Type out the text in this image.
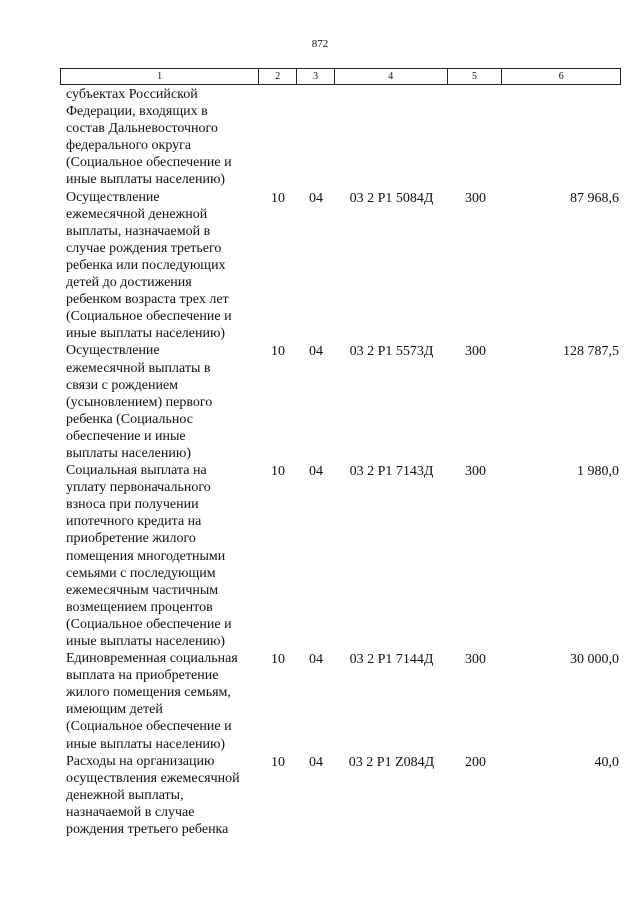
872
1	2	3	4	5	6
субъектах Российской
Федерации, входящих в
состав Дальневосточного
федерального округа
(Социальное обеспечение и
иные выплаты населению)
Осуществление
ежемесячной денежной
выплаты, назначаемой в
случае рождения третьего
ребенка или последующих
детей до достижения
ребенком возраста трех лет
(Социальное обеспечение и
иные выплаты населению)
10	04	03 2 P1 5084Д	300	87 968,6
Осуществление
ежемесячной выплаты в
связи с рождением
(усыновлением) первого
ребенка (Социальнос
обеспечение и иные
выплаты населению)
10	04	03 2 P1 5573Д	300	128 787,5
Социальная выплата на
уплату первоначального
взноса при получении
ипотечного кредита на
приобретение жилого
помещения многодетными
семьями с последующим
ежемесячным частичным
возмещением процентов
(Социальное обеспечение и
иные выплаты населению)
10	04	03 2 P1 7143Д	300	1 980,0
Единовременная социальная
выплата на приобретение
жилого помещения семьям,
имеющим детей
(Социальное обеспечение и
иные выплаты населению)
10	04	03 2 P1 7144Д	300	30 000,0
Расходы на организацию
осуществления ежемесячной
денежной выплаты,
назначаемой в случае
рождения третьего ребенка
10	04	03 2 P1 Z084Д	200	40,0
